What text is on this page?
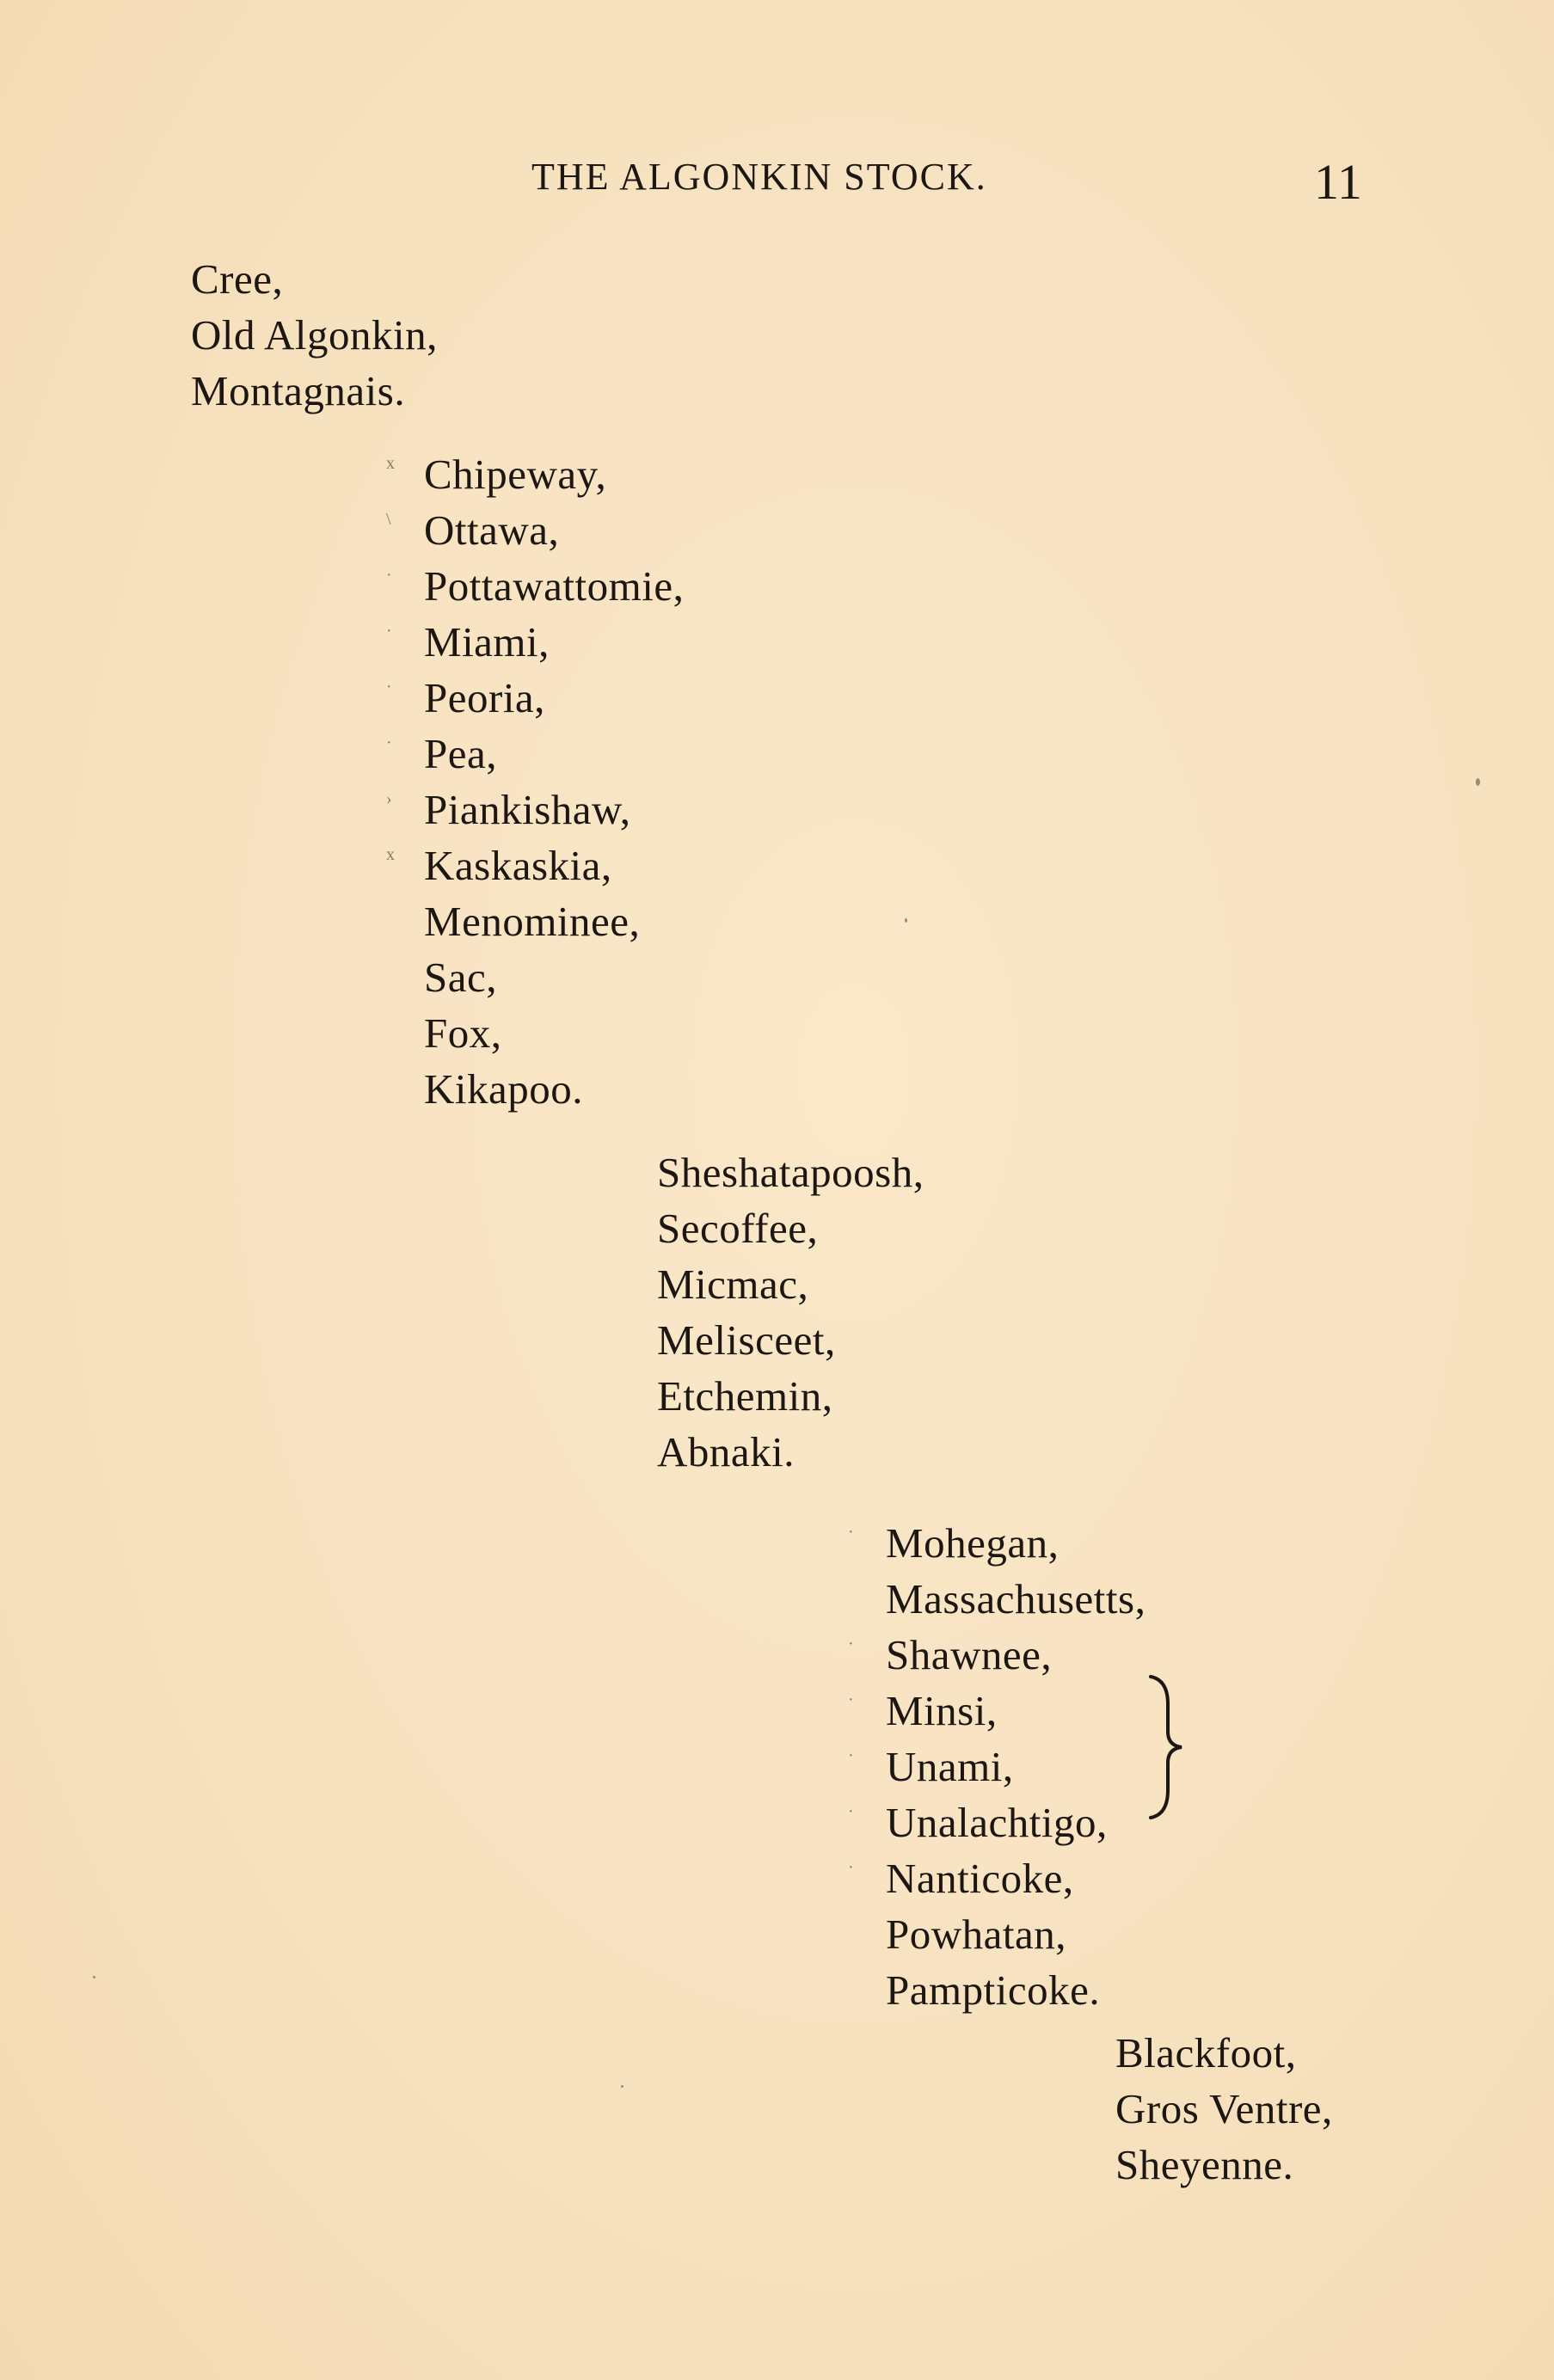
THE ALGONKIN STOCK.	11
Cree,
Old Algonkin,
Montagnais.
x Chipeway,
\ Ottawa,
· Pottawattomie,
· Miami,
· Peoria,
· Pea,
› Piankishaw,
x Kaskaskia,
Menominee,
Sac,
Fox,
Kikapoo.
Sheshatapoosh,
Secoffee,
Micmac,
Melisceet,
Etchemin,
Abnaki.
· Mohegan,
Massachusetts,
· Shawnee,
· Minsi,
· Unami,
· Unalachtigo,
· Nanticoke,
Powhatan,
Pampticoke.
Blackfoot,
Gros Ventre,
Sheyenne.
